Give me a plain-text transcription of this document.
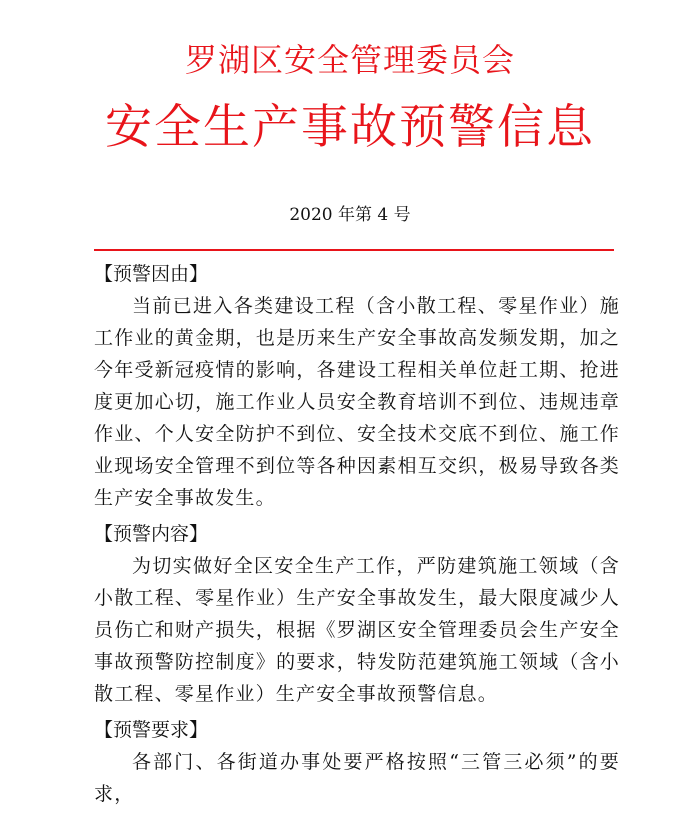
罗湖区安全管理委员会
安全生产事故预警信息
2020 年第 4 号
【预警因由】

当前已进入各类建设工程（含小散工程、零星作业）施工作业的黄金期，也是历来生产安全事故高发频发期，加之今年受新冠疫情的影响，各建设工程相关单位赶工期、抢进度更加心切，施工作业人员安全教育培训不到位、违规违章作业、个人安全防护不到位、安全技术交底不到位、施工作业现场安全管理不到位等各种因素相互交织，极易导致各类生产安全事故发生。

【预警内容】

为切实做好全区安全生产工作，严防建筑施工领域（含小散工程、零星作业）生产安全事故发生，最大限度减少人员伤亡和财产损失，根据《罗湖区安全管理委员会生产安全事故预警防控制度》的要求，特发防范建筑施工领域（含小散工程、零星作业）生产安全事故预警信息。

【预警要求】

各部门、各街道办事处要严格按照“三管三必须”的要求，
